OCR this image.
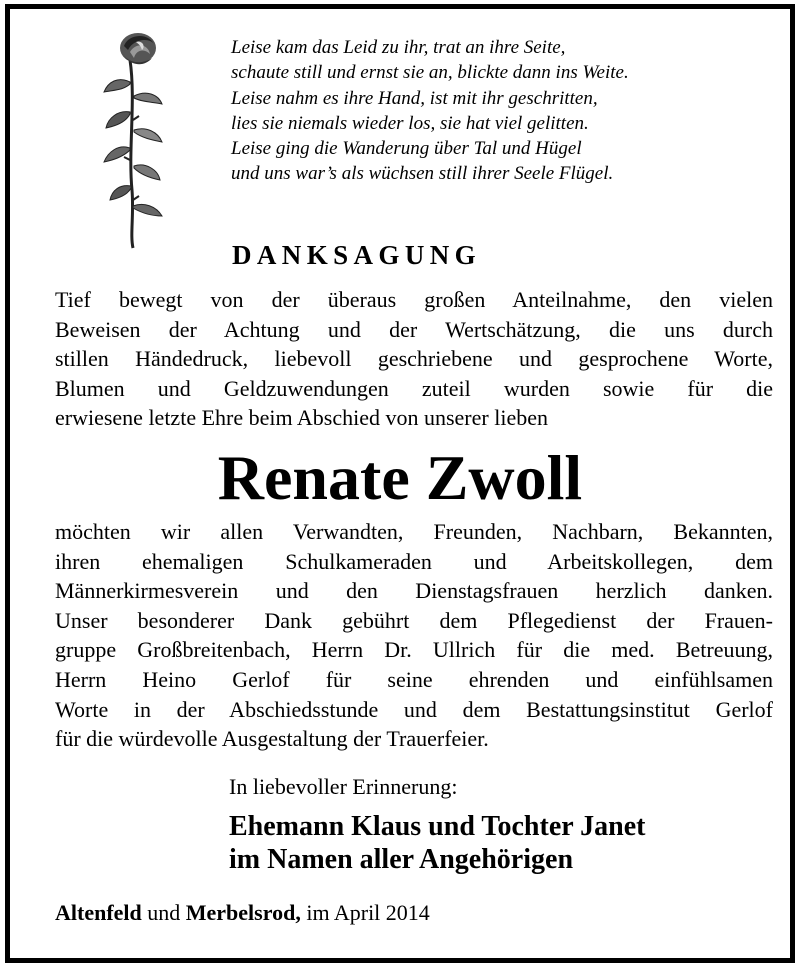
Leise kam das Leid zu ihr, trat an ihre Seite,
schaute still und ernst sie an, blickte dann ins Weite.
Leise nahm es ihre Hand, ist mit ihr geschritten,
lies sie niemals wieder los, sie hat viel gelitten.
Leise ging die Wanderung über Tal und Hügel
und uns war’s als wüchsen still ihrer Seele Flügel.
DANKSAGUNG
Tief bewegt von der überaus großen Anteilnahme, den vielen
Beweisen der Achtung und der Wertschätzung, die uns durch
stillen Händedruck, liebevoll geschriebene und gesprochene Worte,
Blumen und Geldzuwendungen zuteil wurden sowie für die
erwiesene letzte Ehre beim Abschied von unserer lieben
Renate Zwoll
möchten wir allen Verwandten, Freunden, Nachbarn, Bekannten,
ihren ehemaligen Schulkameraden und Arbeitskollegen, dem
Männerkirmesverein und den Dienstagsfrauen herzlich danken.
Unser besonderer Dank gebührt dem Pflegedienst der Frauen-
gruppe Großbreitenbach, Herrn Dr. Ullrich für die med. Betreuung,
Herrn Heino Gerlof für seine ehrenden und einfühlsamen
Worte in der Abschiedsstunde und dem Bestattungsinstitut Gerlof
für die würdevolle Ausgestaltung der Trauerfeier.
In liebevoller Erinnerung:
Ehemann Klaus und Tochter Janet
im Namen aller Angehörigen
Altenfeld und Merbelsrod, im April 2014
